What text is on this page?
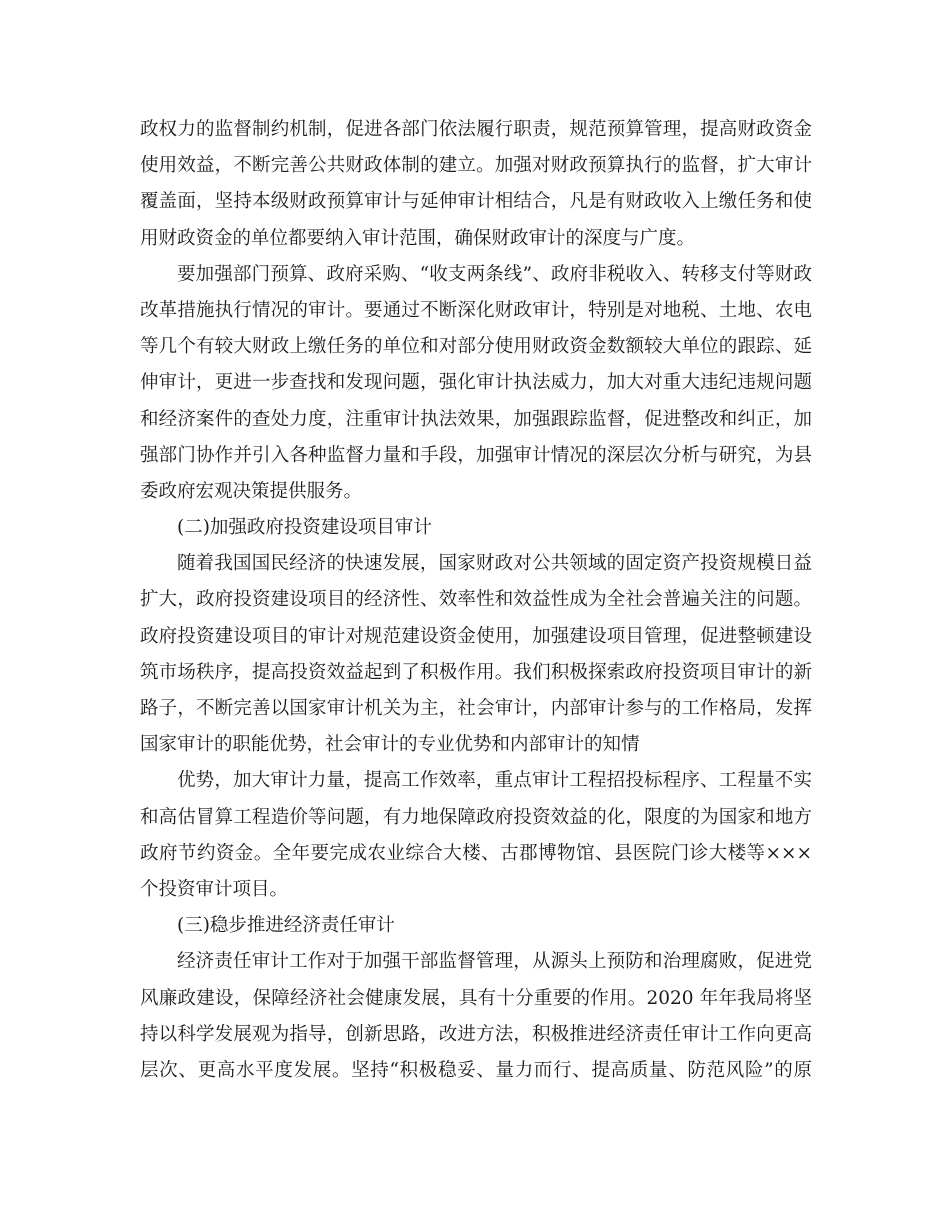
政权力的监督制约机制，促进各部门依法履行职责，规范预算管理，提高财政资金
使用效益，不断完善公共财政体制的建立。加强对财政预算执行的监督，扩大审计
覆盖面，坚持本级财政预算审计与延伸审计相结合，凡是有财政收入上缴任务和使
用财政资金的单位都要纳入审计范围，确保财政审计的深度与广度。
要加强部门预算、政府采购、“收支两条线”、政府非税收入、转移支付等财政
改革措施执行情况的审计。要通过不断深化财政审计，特别是对地税、土地、农电
等几个有较大财政上缴任务的单位和对部分使用财政资金数额较大单位的跟踪、延
伸审计，更进一步查找和发现问题，强化审计执法威力，加大对重大违纪违规问题
和经济案件的查处力度，注重审计执法效果，加强跟踪监督，促进整改和纠正，加
强部门协作并引入各种监督力量和手段，加强审计情况的深层次分析与研究，为县
委政府宏观决策提供服务。
(二)加强政府投资建设项目审计
随着我国国民经济的快速发展，国家财政对公共领域的固定资产投资规模日益
扩大，政府投资建设项目的经济性、效率性和效益性成为全社会普遍关注的问题。
政府投资建设项目的审计对规范建设资金使用，加强建设项目管理，促进整顿建设
筑市场秩序，提高投资效益起到了积极作用。我们积极探索政府投资项目审计的新
路子，不断完善以国家审计机关为主，社会审计，内部审计参与的工作格局，发挥
国家审计的职能优势，社会审计的专业优势和内部审计的知情
优势，加大审计力量，提高工作效率，重点审计工程招投标程序、工程量不实
和高估冒算工程造价等问题，有力地保障政府投资效益的化，限度的为国家和地方
政府节约资金。全年要完成农业综合大楼、古郡博物馆、县医院门诊大楼等×××
个投资审计项目。
(三)稳步推进经济责任审计
经济责任审计工作对于加强干部监督管理，从源头上预防和治理腐败，促进党
风廉政建设，保障经济社会健康发展，具有十分重要的作用。2020 年年我局将坚
持以科学发展观为指导，创新思路，改进方法，积极推进经济责任审计工作向更高
层次、更高水平度发展。坚持“积极稳妥、量力而行、提高质量、防范风险”的原
